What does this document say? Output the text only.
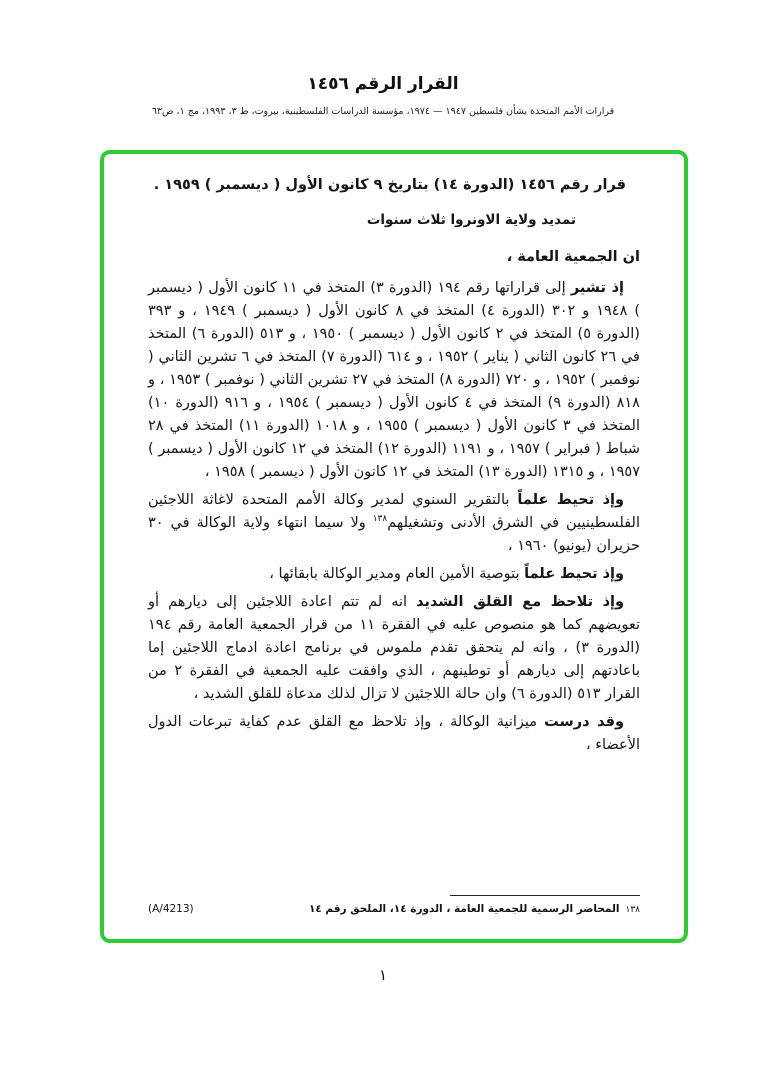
القرار الرقم ١٤٥٦
قرارات الأمم المتحدة بشأن فلسطين ١٩٤٧ — ١٩٧٤، مؤسسة الدراسات الفلسطينية، بيروت، ط ٣، ١٩٩٣، مج ١، ص٦٣

قرار رقم ١٤٥٦ (الدورة ١٤) بتاريخ ٩ كانون الأول ( ديسمبر ) ١٩٥٩ .

تمديد ولاية الاونروا ثلاث سنوات

ان الجمعية العامة ،

إذ تشير إلى قراراتها رقم ١٩٤ (الدورة ٣) المتخذ في ١١ كانون الأول ( ديسمبر ) ١٩٤٨ و ٣٠٢ (الدورة ٤) المتخذ في ٨ كانون الأول ( ديسمبر ) ١٩٤٩ ، و ٣٩٣ (الدورة ٥) المتخذ في ٢ كانون الأول ( ديسمبر ) ١٩٥٠ ، و ٥١٣ (الدورة ٦) المتخذ في ٢٦ كانون الثاني ( يناير ) ١٩٥٢ ، و ٦١٤ (الدورة ٧) المتخذ في ٦ تشرين الثاني ( نوفمبر ) ١٩٥٢ ، و ٧٢٠ (الدورة ٨) المتخذ في ٢٧ تشرين الثاني ( نوفمبر ) ١٩٥٣ ، و ٨١٨ (الدورة ٩) المتخذ في ٤ كانون الأول ( ديسمبر ) ١٩٥٤ ، و ٩١٦ (الدورة ١٠) المتخذ في ٣ كانون الأول ( ديسمبر ) ١٩٥٥ ، و ١٠١٨ (الدورة ١١) المتخذ في ٢٨ شباط ( فبراير ) ١٩٥٧ ، و ١١٩١ (الدورة ١٢) المتخذ في ١٢ كانون الأول ( ديسمبر ) ١٩٥٧ ، و ١٣١٥ (الدورة ١٣) المتخذ في ١٢ كانون الأول ( ديسمبر ) ١٩٥٨ ،

وإذ تحيط علماً بالتقرير السنوي لمدير وكالة الأمم المتحدة لاغاثة اللاجئين الفلسطينيين في الشرق الأدنى وتشغيلهم$^{١٣٨}$ ولا سيما انتهاء ولاية الوكالة في ٣٠ حزيران (يونيو) ١٩٦٠ ،

وإذ تحيط علماً بتوصية الأمين العام ومدير الوكالة بابقائها ،

وإذ تلاحظ مع القلق الشديد انه لم تتم اعادة اللاجئين إلى ديارهم أو تعويضهم كما هو منصوص عليه في الفقرة ١١ من قرار الجمعية العامة رقم ١٩٤ (الدورة ٣) ، وانه لم يتحقق تقدم ملموس في برنامج اعادة ادماج اللاجئين إما باعادتهم إلى ديارهم أو توطينهم ، الذي وافقت عليه الجمعية في الفقرة ٢ من القرار ٥١٣ (الدورة ٦) وان حالة اللاجئين لا تزال لذلك مدعاة للقلق الشديد ،

وقد درست ميزانية الوكالة ، وإذ تلاحظ مع القلق عدم كفاية تبرعات الدول الأعضاء ،

١٣٨
المحاضر الرسمية للجمعية العامة ، الدورة ١٤، الملحق رقم ١٤
(A/4213)
١
